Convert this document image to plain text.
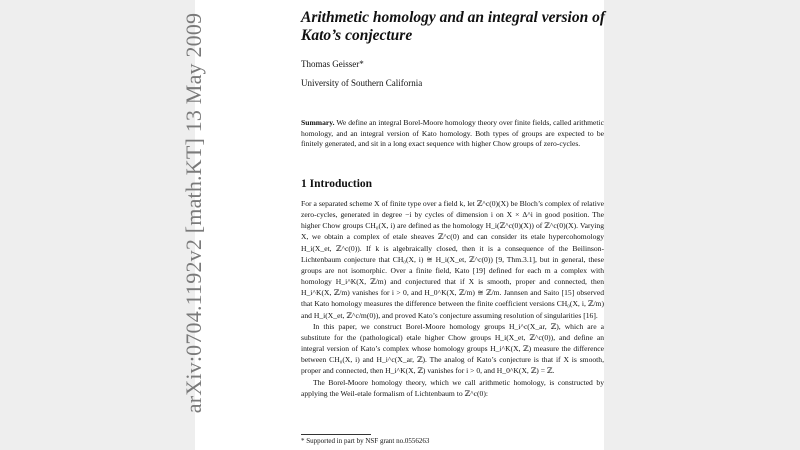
arXiv:0704.1192v2 [math.KT] 13 May 2009	Arithmetic homology and an integral version of
Kato’s conjecture
Thomas Geisser*
University of Southern California
Summary. We define an integral Borel-Moore homology theory over finite fields, called arithmetic homology, and an integral version of Kato homology. Both types of groups are expected to be finitely generated, and sit in a long exact sequence with higher Chow groups of zero-cycles.
1 Introduction

For a separated scheme X of finite type over a field k, let ℤ^c(0)(X) be Bloch’s complex of relative zero-cycles, generated in degree −i by cycles of dimension i on X × Δ^i in good position. The higher Chow groups CH₀(X, i) are defined as the homology H_i(ℤ^c(0)(X)) of ℤ^c(0)(X). Varying X, we obtain a complex of etale sheaves ℤ^c(0) and can consider its etale hypercohomology H_i(X_et, ℤ^c(0)). If k is algebraically closed, then it is a consequence of the Beilinson-Lichtenbaum conjecture that CH₀(X, i) ≅ H_i(X_et, ℤ^c(0)) [9, Thm.3.1], but in general, these groups are not isomorphic. Over a finite field, Kato [19] defined for each m a complex with homology H_i^K(X, ℤ/m) and conjectured that if X is smooth, proper and connected, then H_i^K(X, ℤ/m) vanishes for i > 0, and H_0^K(X, ℤ/m) ≅ ℤ/m. Jannsen and Saito [15] observed that Kato homology measures the difference between the finite coefficient versions CH₀(X, i, ℤ/m) and H_i(X_et, ℤ^c/m(0)), and proved Kato’s conjecture assuming resolution of singularities [16].

In this paper, we construct Borel-Moore homology groups H_i^c(X_ar, ℤ), which are a substitute for the (pathological) etale higher Chow groups H_i(X_et, ℤ^c(0)), and define an integral version of Kato’s complex whose homology groups H_i^K(X, ℤ) measure the difference between CH₀(X, i) and H_i^c(X_ar, ℤ). The analog of Kato’s conjecture is that if X is smooth, proper and connected, then H_i^K(X, ℤ) vanishes for i > 0, and H_0^K(X, ℤ) = ℤ.

The Borel-Moore homology theory, which we call arithmetic homology, is constructed by applying the Weil-etale formalism of Lichtenbaum to ℤ^c(0):

* Supported in part by NSF grant no.0556263
